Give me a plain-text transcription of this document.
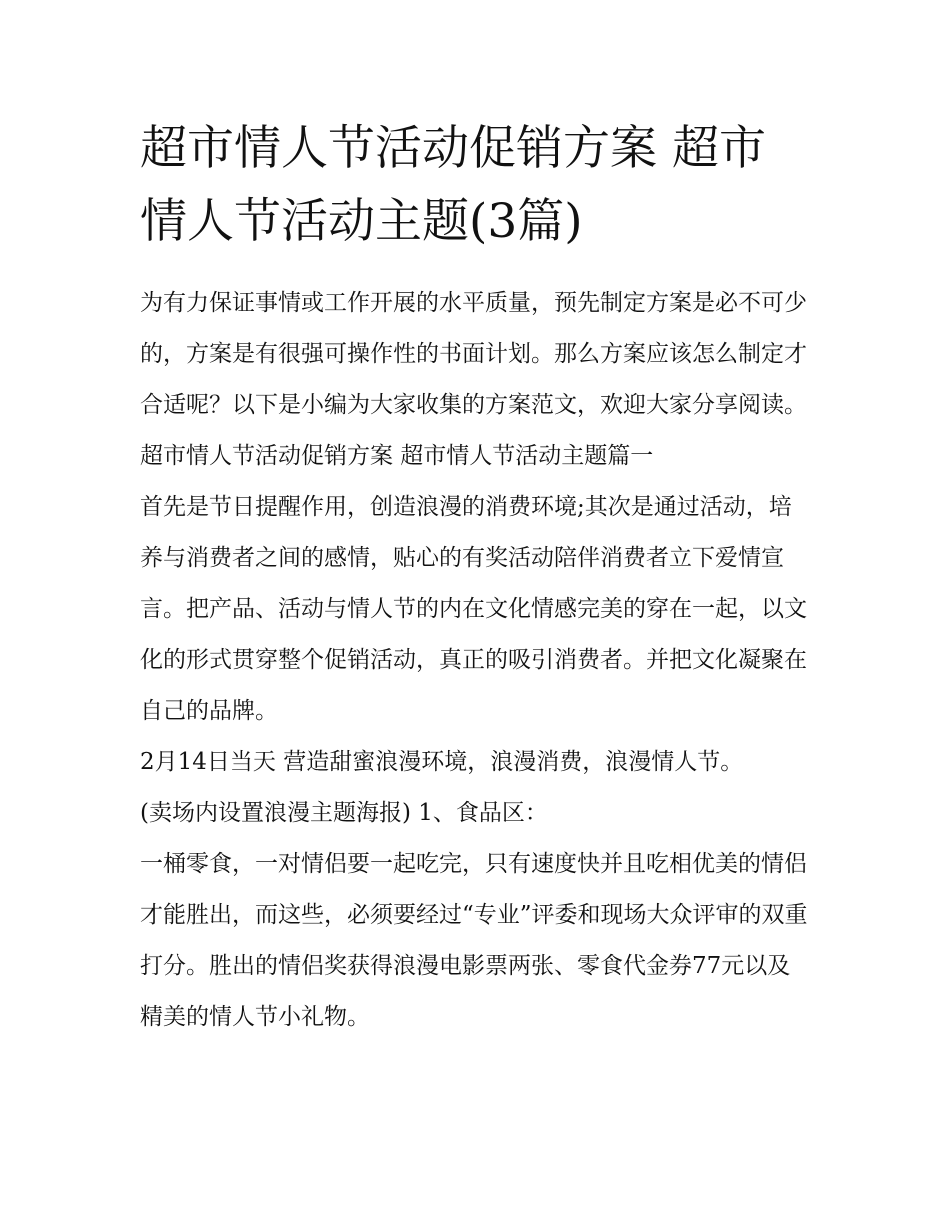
超市情人节活动促销方案 超市情人节活动主题(3篇)

为有力保证事情或工作开展的水平质量，预先制定方案是必不可少的，方案是有很强可操作性的书面计划。那么方案应该怎么制定才合适呢？以下是小编为大家收集的方案范文，欢迎大家分享阅读。

超市情人节活动促销方案 超市情人节活动主题篇一

首先是节日提醒作用，创造浪漫的消费环境;其次是通过活动，培养与消费者之间的感情，贴心的有奖活动陪伴消费者立下爱情宣言。把产品、活动与情人节的内在文化情感完美的穿在一起，以文化的形式贯穿整个促销活动，真正的吸引消费者。并把文化凝聚在自己的品牌。

2月14日当天 营造甜蜜浪漫环境，浪漫消费，浪漫情人节。

(卖场内设置浪漫主题海报) 1、食品区：

一桶零食，一对情侣要一起吃完，只有速度快并且吃相优美的情侣才能胜出，而这些，必须要经过“专业”评委和现场大众评审的双重打分。胜出的情侣奖获得浪漫电影票两张、零食代金券77元以及精美的情人节小礼物。
